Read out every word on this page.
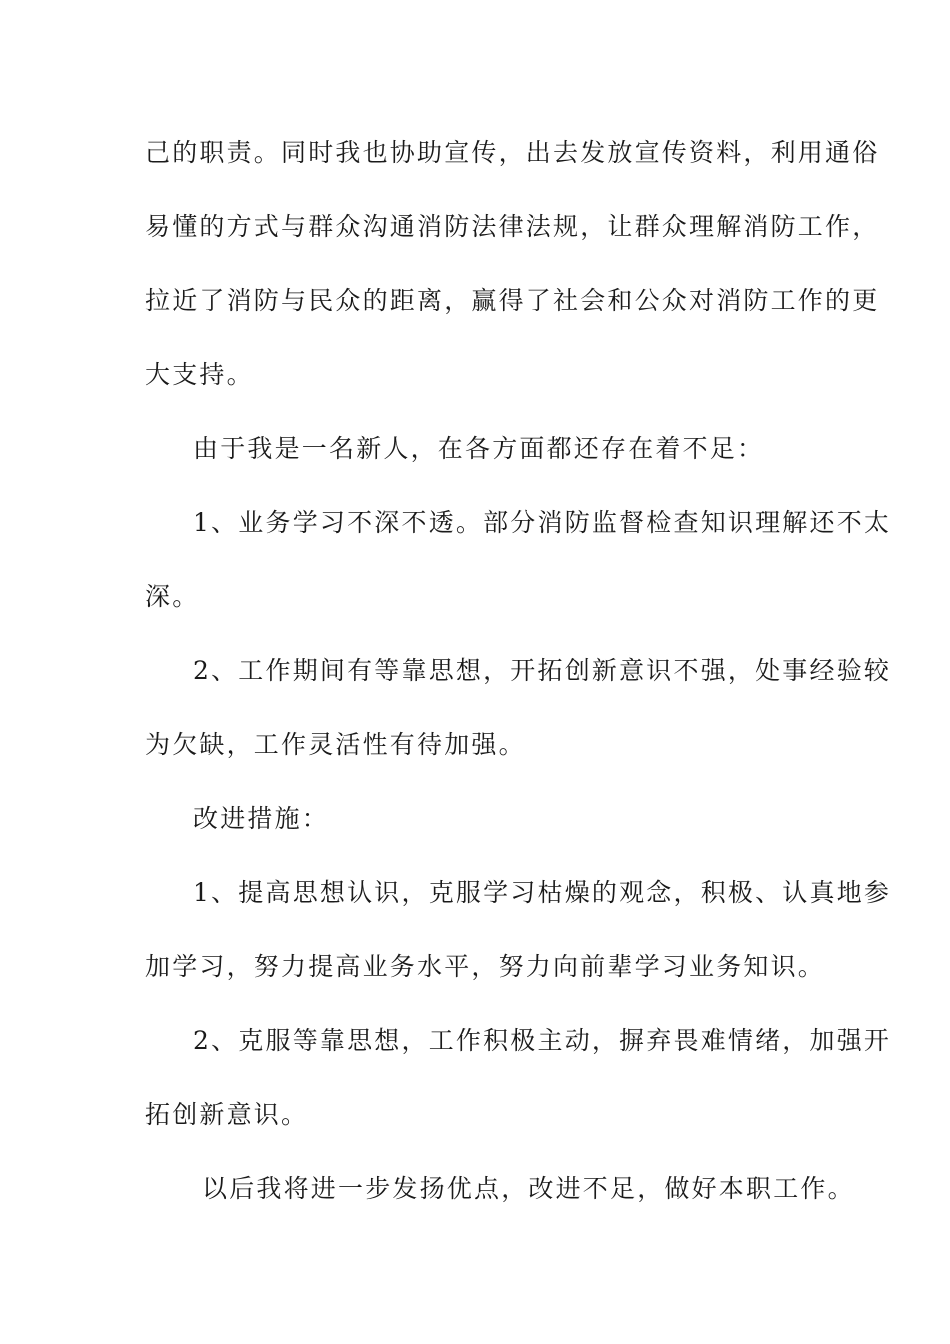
己的职责。同时我也协助宣传，出去发放宣传资料，利用通俗
易懂的方式与群众沟通消防法律法规，让群众理解消防工作，
拉近了消防与民众的距离，赢得了社会和公众对消防工作的更
大支持。
由于我是一名新人，在各方面都还存在着不足：
1、业务学习不深不透。部分消防监督检查知识理解还不太
深。
2、工作期间有等靠思想，开拓创新意识不强，处事经验较
为欠缺，工作灵活性有待加强。
改进措施：
1、提高思想认识，克服学习枯燥的观念，积极、认真地参
加学习，努力提高业务水平，努力向前辈学习业务知识。
2、克服等靠思想，工作积极主动，摒弃畏难情绪，加强开
拓创新意识。
以后我将进一步发扬优点，改进不足，做好本职工作。
